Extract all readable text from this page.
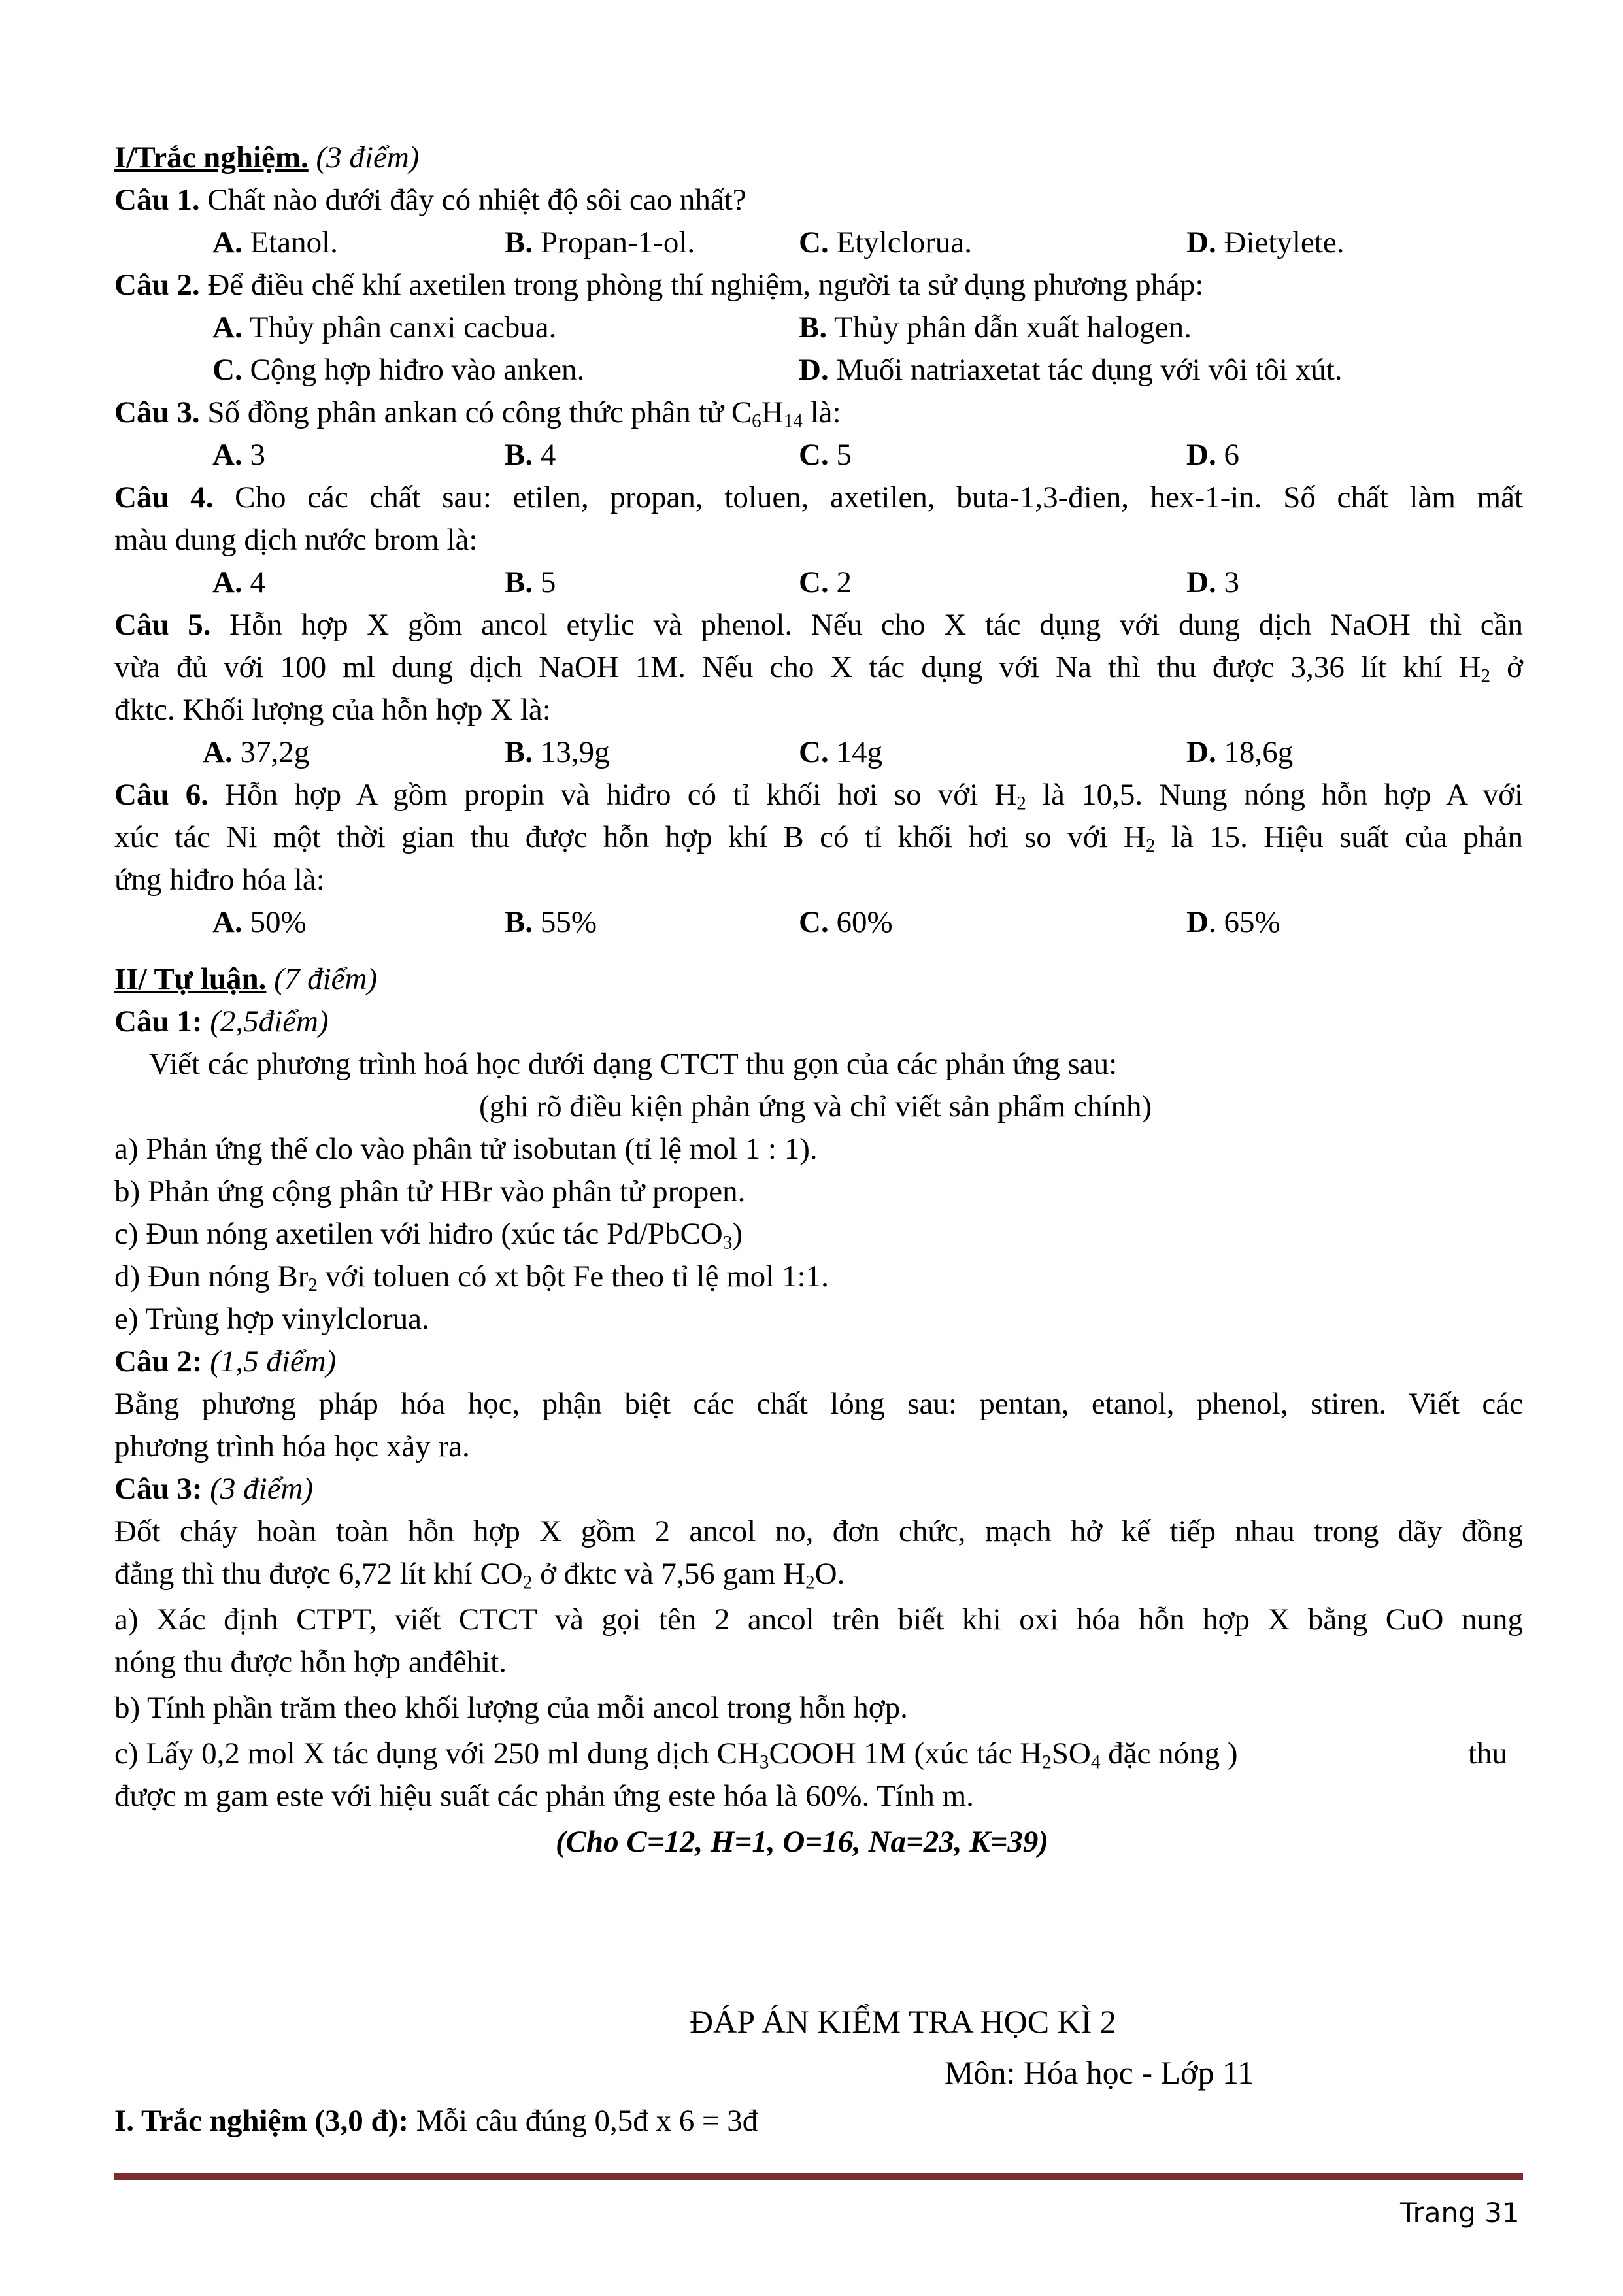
I/Trắc nghiệm. (3 điểm)
Câu 1. Chất nào dưới đây có nhiệt độ sôi cao nhất?
A. Etanol.	B. Propan-1-ol.	C. Etylclorua.	D. Đietylete.
Câu 2. Để điều chế khí axetilen trong phòng thí nghiệm, người ta sử dụng phương pháp:
A. Thủy phân canxi cacbua.	B. Thủy phân dẫn xuất halogen.
C. Cộng hợp hiđro vào anken.	D. Muối natriaxetat tác dụng với vôi tôi xút.
Câu 3. Số đồng phân ankan có công thức phân tử $C_6H_{14}$ là:
A. 3	B. 4	C. 5	D. 6
Câu 4. Cho các chất sau: etilen, propan, toluen, axetilen, buta-1,3-đien, hex-1-in. Số chất làm mất
màu dung dịch nước brom là:
A. 4	B. 5	C. 2	D. 3
Câu 5. Hỗn hợp X gồm ancol etylic và phenol. Nếu cho X tác dụng với dung dịch NaOH thì cần
vừa đủ với 100 ml dung dịch NaOH 1M. Nếu cho X tác dụng với Na thì thu được 3,36 lít khí $H_2$ ở
đktc. Khối lượng của hỗn hợp X là:
A. 37,2g	B. 13,9g	C. 14g	D. 18,6g
Câu 6. Hỗn hợp A gồm propin và hiđro có tỉ khối hơi so với $H_2$ là 10,5. Nung nóng hỗn hợp A với
xúc tác Ni một thời gian thu được hỗn hợp khí B có tỉ khối hơi so với $H_2$ là 15. Hiệu suất của phản
ứng hiđro hóa là:
A. 50%	B. 55%	C. 60%	D. 65%
II/ Tự luận. (7 điểm)
Câu 1: (2,5điểm)
Viết các phương trình hoá học dưới dạng CTCT thu gọn của các phản ứng sau:
(ghi rõ điều kiện phản ứng và chỉ viết sản phẩm chính)
a) Phản ứng thế clo vào phân tử isobutan (tỉ lệ mol 1 : 1).
b) Phản ứng cộng phân tử HBr vào phân tử propen.
c) Đun nóng axetilen với hiđro (xúc tác Pd/PbCO$_3$)
d) Đun nóng $Br_2$ với toluen có xt bột Fe theo tỉ lệ mol 1:1.
e) Trùng hợp vinylclorua.
Câu 2: (1,5 điểm)
Bằng phương pháp hóa học, phận biệt các chất lỏng sau: pentan, etanol, phenol, stiren. Viết các
phương trình hóa học xảy ra.
Câu 3: (3 điểm)
Đốt cháy hoàn toàn hỗn hợp X gồm 2 ancol no, đơn chức, mạch hở kế tiếp nhau trong dãy đồng
đẳng thì thu được 6,72 lít khí $CO_2$ ở đktc và 7,56 gam $H_2O$.
a) Xác định CTPT, viết CTCT và gọi tên 2 ancol trên biết khi oxi hóa hỗn hợp X bằng CuO nung
nóng thu được hỗn hợp anđêhit.
b) Tính phần trăm theo khối lượng của mỗi ancol trong hỗn hợp.
c) Lấy 0,2 mol X tác dụng với 250 ml dung dịch $CH_3COOH$ 1M (xúc tác $H_2SO_4$ đặc nóng )	thu
được m gam este với hiệu suất các phản ứng este hóa là 60%. Tính m.
(Cho C=12, H=1, O=16, Na=23, K=39)
ĐÁP ÁN KIỂM TRA HỌC KÌ 2
Môn: Hóa học - Lớp 11
I. Trắc nghiệm (3,0 đ): Mỗi câu đúng 0,5đ x 6 = 3đ
Trang 31
